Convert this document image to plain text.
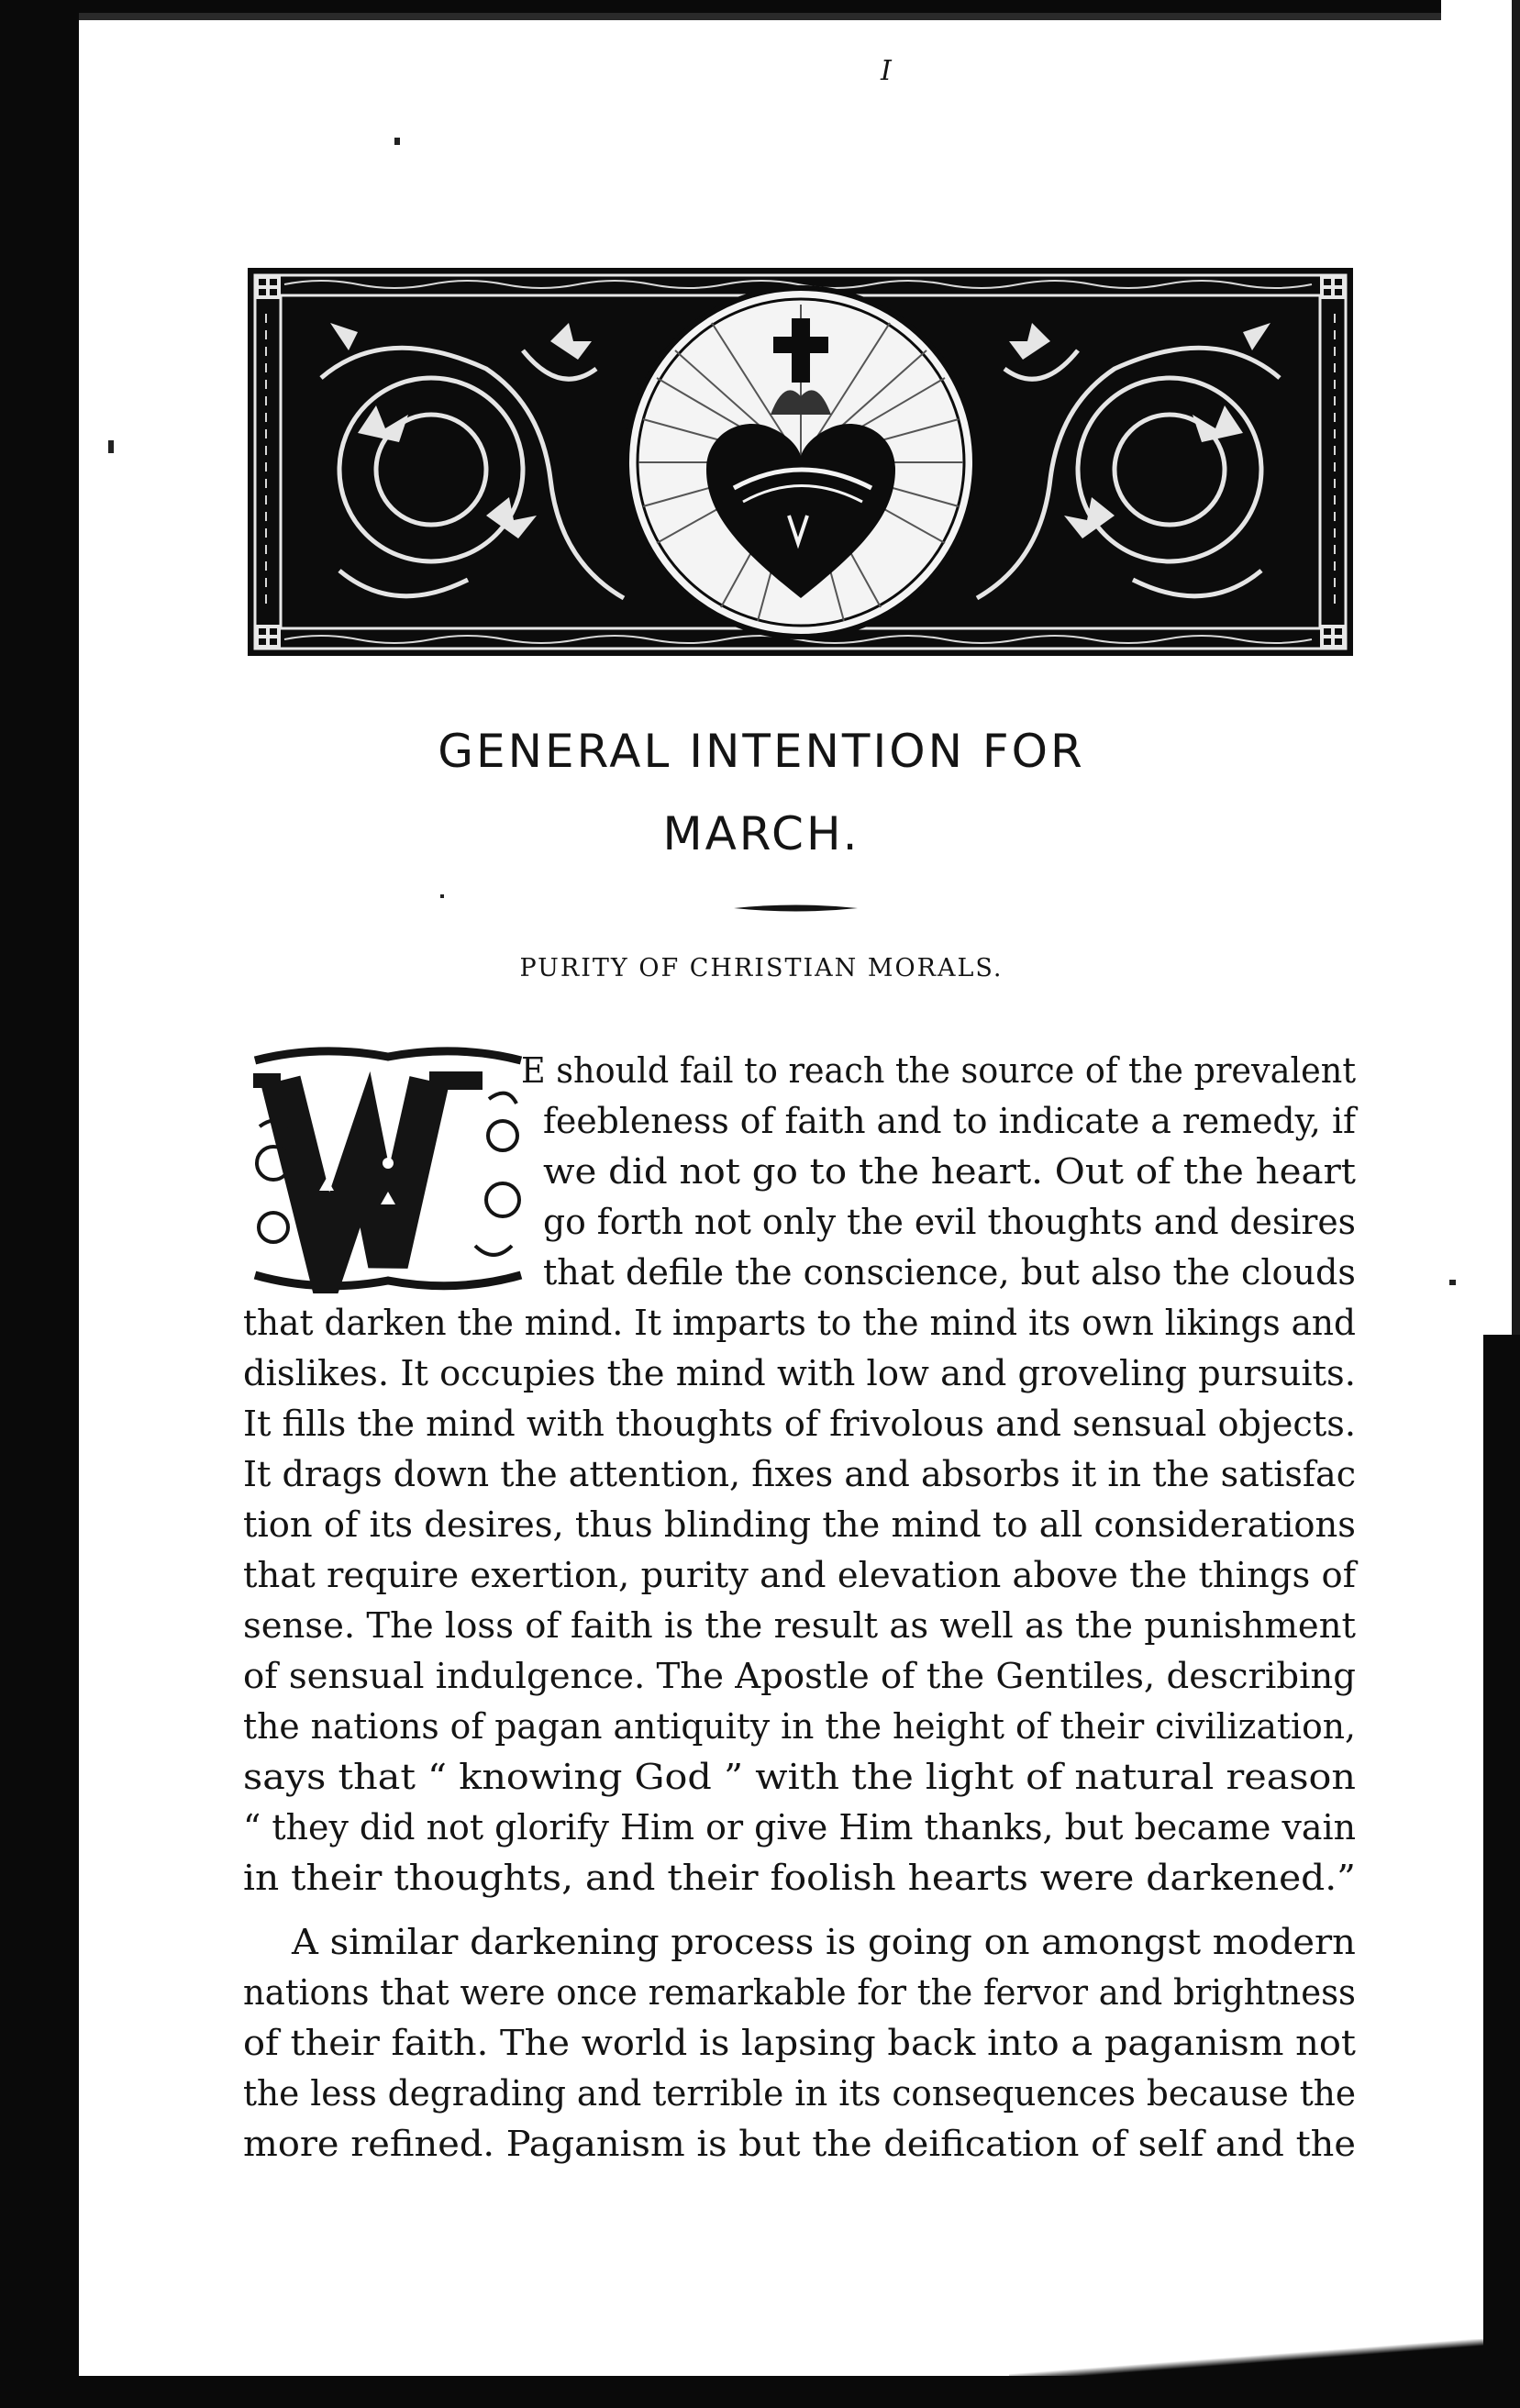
I
GENERAL INTENTION FOR
MARCH.
PURITY OF CHRISTIAN MORALS.
E should fail to reach the source of the prevalent
feebleness of faith and to indicate a remedy, if
we did not go to the heart. Out of the heart
go forth not only the evil thoughts and desires
that defile the conscience, but also the clouds
that darken the mind. It imparts to the mind its own likings and
dislikes. It occupies the mind with low and groveling pursuits.
It fills the mind with thoughts of frivolous and sensual objects.
It drags down the attention, fixes and absorbs it in the satisfac
tion of its desires, thus blinding the mind to all considerations
that require exertion, purity and elevation above the things of
sense. The loss of faith is the result as well as the punishment
of sensual indulgence. The Apostle of the Gentiles, describing
the nations of pagan antiquity in the height of their civilization,
says that “ knowing God ” with the light of natural reason
“ they did not glorify Him or give Him thanks, but became vain
in their thoughts, and their foolish hearts were darkened.”
A similar darkening process is going on amongst modern
nations that were once remarkable for the fervor and brightness
of their faith. The world is lapsing back into a paganism not
the less degrading and terrible in its consequences because the
more refined. Paganism is but the deification of self and the
